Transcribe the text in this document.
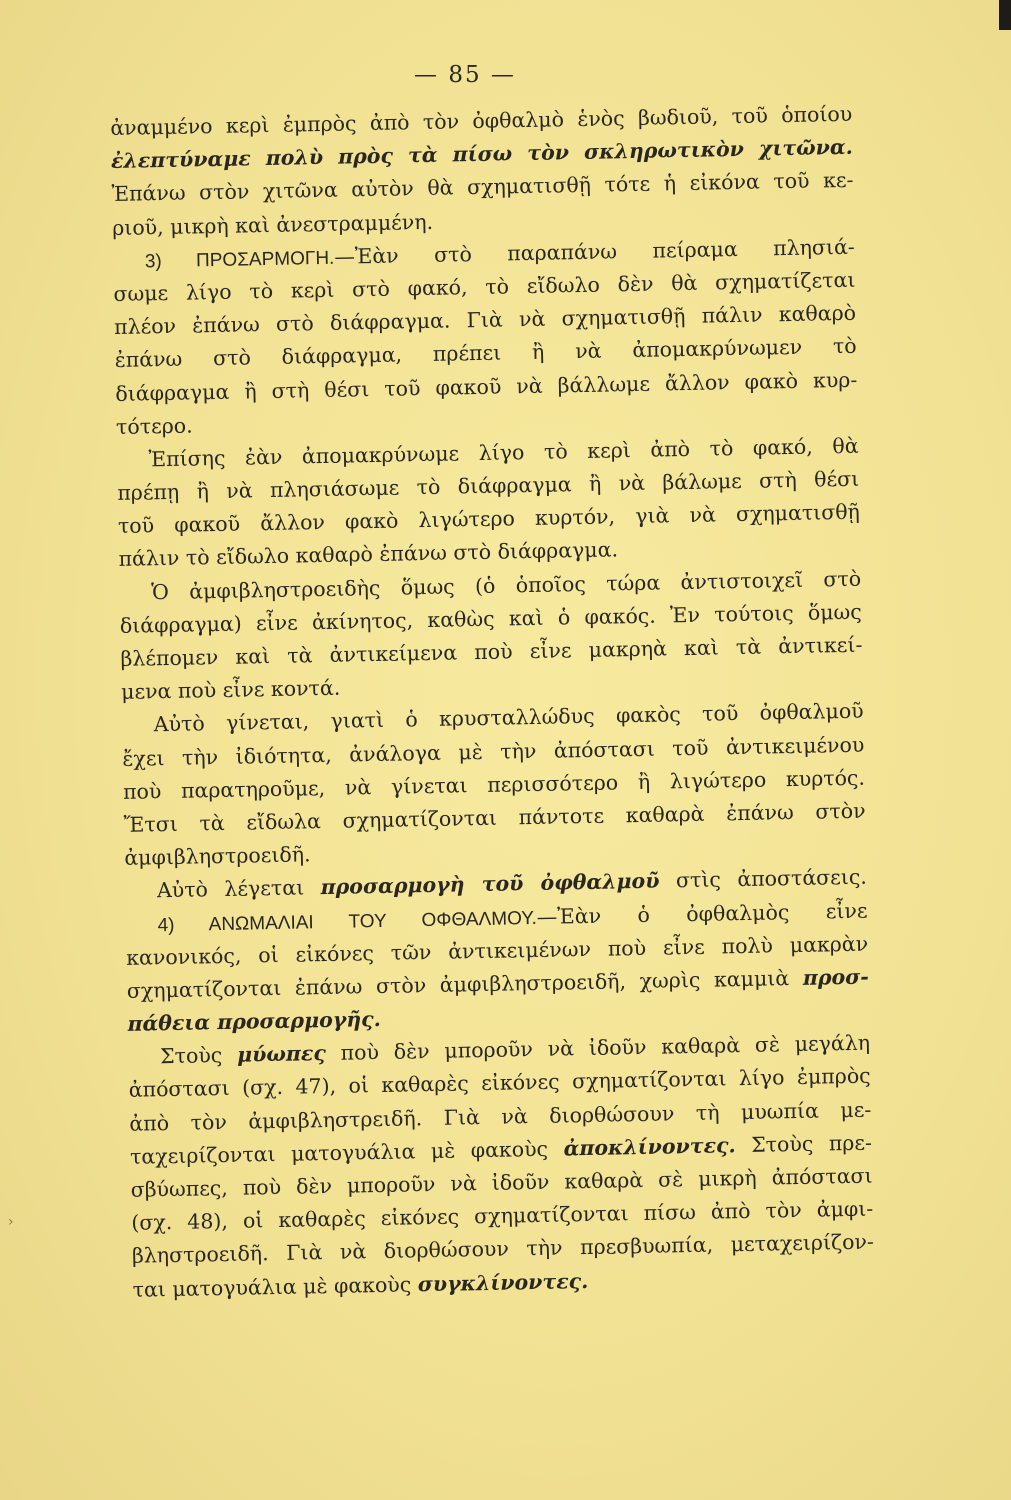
— 85 —
ἀναμμένο κερὶ ἐμπρὸς ἀπὸ τὸν ὀφθαλμὸ ἑνὸς βωδιοῦ, τοῦ ὁποίου
ἐλεπτύναμε πολὺ πρὸς τὰ πίσω τὸν σκληρωτικὸν χιτῶνα.
Ἐπάνω στὸν χιτῶνα αὐτὸν θὰ σχηματισθῇ τότε ἡ εἰκόνα τοῦ κε-
ριοῦ, μικρὴ καὶ ἀνεστραμμένη.
3) ΠΡΟΣΑΡΜΟΓΗ.—Ἐὰν στὸ παραπάνω πείραμα πλησιά-
σωμε λίγο τὸ κερὶ στὸ φακό, τὸ εἴδωλο δὲν θὰ σχηματίζεται
πλέον ἐπάνω στὸ διάφραγμα. Γιὰ νὰ σχηματισθῇ πάλιν καθαρὸ
ἐπάνω στὸ διάφραγμα, πρέπει ἢ νὰ ἀπομακρύνωμεν τὸ
διάφραγμα ἢ στὴ θέσι τοῦ φακοῦ νὰ βάλλωμε ἄλλον φακὸ κυρ-
τότερο.
Ἐπίσης ἐὰν ἀπομακρύνωμε λίγο τὸ κερὶ ἀπὸ τὸ φακό, θὰ
πρέπῃ ἢ νὰ πλησιάσωμε τὸ διάφραγμα ἢ νὰ βάλωμε στὴ θέσι
τοῦ φακοῦ ἄλλον φακὸ λιγώτερο κυρτόν, γιὰ νὰ σχηματισθῇ
πάλιν τὸ εἴδωλο καθαρὸ ἐπάνω στὸ διάφραγμα.
Ὁ ἀμφιβληστροειδὴς ὅμως (ὁ ὁποῖος τώρα ἀντιστοιχεῖ στὸ
διάφραγμα) εἶνε ἀκίνητος, καθὼς καὶ ὁ φακός. Ἐν τούτοις ὅμως
βλέπομεν καὶ τὰ ἀντικείμενα ποὺ εἶνε μακρηὰ καὶ τὰ ἀντικεί-
μενα ποὺ εἶνε κοντά.
Αὐτὸ γίνεται, γιατὶ ὁ κρυσταλλώδυς φακὸς τοῦ ὀφθαλμοῦ
ἔχει τὴν ἰδιότητα, ἀνάλογα μὲ τὴν ἀπόστασι τοῦ ἀντικειμένου
ποὺ παρατηροῦμε, νὰ γίνεται περισσότερο ἢ λιγώτερο κυρτός.
Ἔτσι τὰ εἴδωλα σχηματίζονται πάντοτε καθαρὰ ἐπάνω στὸν
ἀμφιβληστροειδῆ.
Αὐτὸ λέγεται προσαρμογὴ τοῦ ὀφθαλμοῦ στὶς ἀποστάσεις.
4) ΑΝΩΜΑΛΙΑΙ ΤΟΥ ΟΦΘΑΛΜΟΥ.—Ἐὰν ὁ ὀφθαλμὸς εἶνε
κανονικός, οἱ εἰκόνες τῶν ἀντικειμένων ποὺ εἶνε πολὺ μακρὰν
σχηματίζονται ἐπάνω στὸν ἀμφιβληστροειδῆ, χωρὶς καμμιὰ προσ-
πάθεια προσαρμογῆς.
Στοὺς μύωπες ποὺ δὲν μποροῦν νὰ ἰδοῦν καθαρὰ σὲ μεγάλη
ἀπόστασι (σχ. 47), οἱ καθαρὲς εἰκόνες σχηματίζονται λίγο ἐμπρὸς
ἀπὸ τὸν ἀμφιβληστρειδῆ. Γιὰ νὰ διορθώσουν τὴ μυωπία με-
ταχειρίζονται ματογυάλια μὲ φακοὺς ἀποκλίνοντες. Στοὺς πρε-
σβύωπες, ποὺ δὲν μποροῦν νὰ ἰδοῦν καθαρὰ σὲ μικρὴ ἀπόστασι
(σχ. 48), οἱ καθαρὲς εἰκόνες σχηματίζονται πίσω ἀπὸ τὸν ἀμφι-
βληστροειδῆ. Γιὰ νὰ διορθώσουν τὴν πρεσβυωπία, μεταχειρίζον-
ται ματογυάλια μὲ φακοὺς συγκλίνοντες.
›
